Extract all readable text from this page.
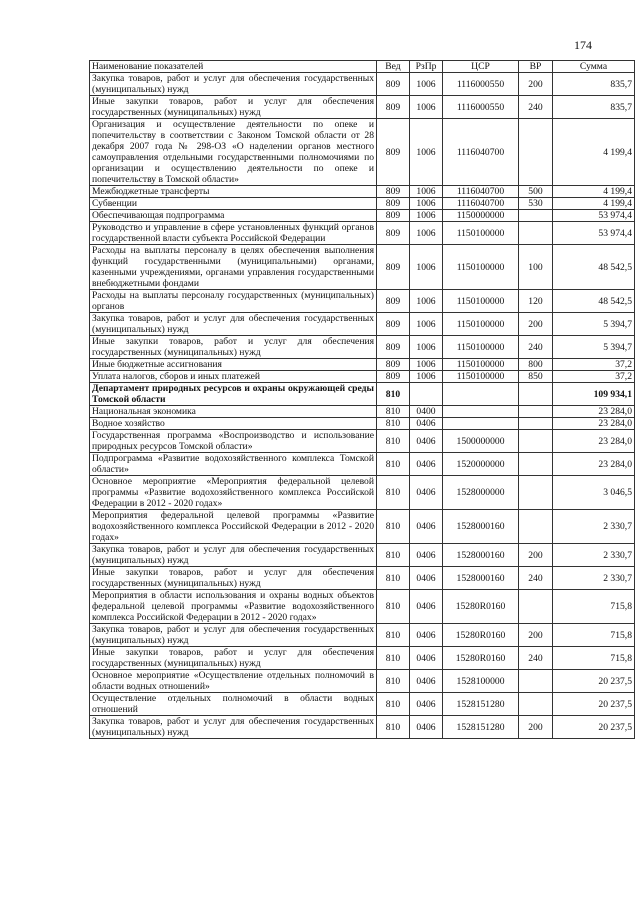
174
Наименование показателей	Вед	РзПр	ЦСР	ВР	Сумма
Закупка товаров, работ и услуг для обеспечения государственных (муниципальных) нужд	809	1006	1116000550	200	835,7
Иные закупки товаров, работ и услуг для обеспечения государственных (муниципальных) нужд	809	1006	1116000550	240	835,7
Организация и осуществление деятельности по опеке и попечительству в соответствии с Законом Томской области от 28 декабря 2007 года № 298-ОЗ «О наделении органов местного самоуправления отдельными государственными полномочиями по организации и осуществлению деятельности по опеке и попечительству в Томской области»	809	1006	1116040700		4 199,4
Межбюджетные трансферты	809	1006	1116040700	500	4 199,4
Субвенции	809	1006	1116040700	530	4 199,4
Обеспечивающая подпрограмма	809	1006	1150000000		53 974,4
Руководство и управление в сфере установленных функций органов государственной власти субъекта Российской Федерации	809	1006	1150100000		53 974,4
Расходы на выплаты персоналу в целях обеспечения выполнения функций государственными (муниципальными) органами, казенными учреждениями, органами управления государственными внебюджетными фондами	809	1006	1150100000	100	48 542,5
Расходы на выплаты персоналу государственных (муниципальных) органов	809	1006	1150100000	120	48 542,5
Закупка товаров, работ и услуг для обеспечения государственных (муниципальных) нужд	809	1006	1150100000	200	5 394,7
Иные закупки товаров, работ и услуг для обеспечения государственных (муниципальных) нужд	809	1006	1150100000	240	5 394,7
Иные бюджетные ассигнования	809	1006	1150100000	800	37,2
Уплата налогов, сборов и иных платежей	809	1006	1150100000	850	37,2
Департамент природных ресурсов и охраны окружающей среды Томской области	810				109 934,1
Национальная экономика	810	0400			23 284,0
Водное хозяйство	810	0406			23 284,0
Государственная программа «Воспроизводство и использование природных ресурсов Томской области»	810	0406	1500000000		23 284,0
Подпрограмма «Развитие водохозяйственного комплекса Томской области»	810	0406	1520000000		23 284,0
Основное мероприятие «Мероприятия федеральной целевой программы «Развитие водохозяйственного комплекса Российской Федерации в 2012 - 2020 годах»	810	0406	1528000000		3 046,5
Мероприятия федеральной целевой программы «Развитие водохозяйственного комплекса Российской Федерации в 2012 - 2020 годах»	810	0406	1528000160		2 330,7
Закупка товаров, работ и услуг для обеспечения государственных (муниципальных) нужд	810	0406	1528000160	200	2 330,7
Иные закупки товаров, работ и услуг для обеспечения государственных (муниципальных) нужд	810	0406	1528000160	240	2 330,7
Мероприятия в области использования и охраны водных объектов федеральной целевой программы «Развитие водохозяйственного комплекса Российской Федерации в 2012 - 2020 годах»	810	0406	15280R0160		715,8
Закупка товаров, работ и услуг для обеспечения государственных (муниципальных) нужд	810	0406	15280R0160	200	715,8
Иные закупки товаров, работ и услуг для обеспечения государственных (муниципальных) нужд	810	0406	15280R0160	240	715,8
Основное мероприятие «Осуществление отдельных полномочий в области водных отношений»	810	0406	1528100000		20 237,5
Осуществление отдельных полномочий в области водных отношений	810	0406	1528151280		20 237,5
Закупка товаров, работ и услуг для обеспечения государственных (муниципальных) нужд	810	0406	1528151280	200	20 237,5
